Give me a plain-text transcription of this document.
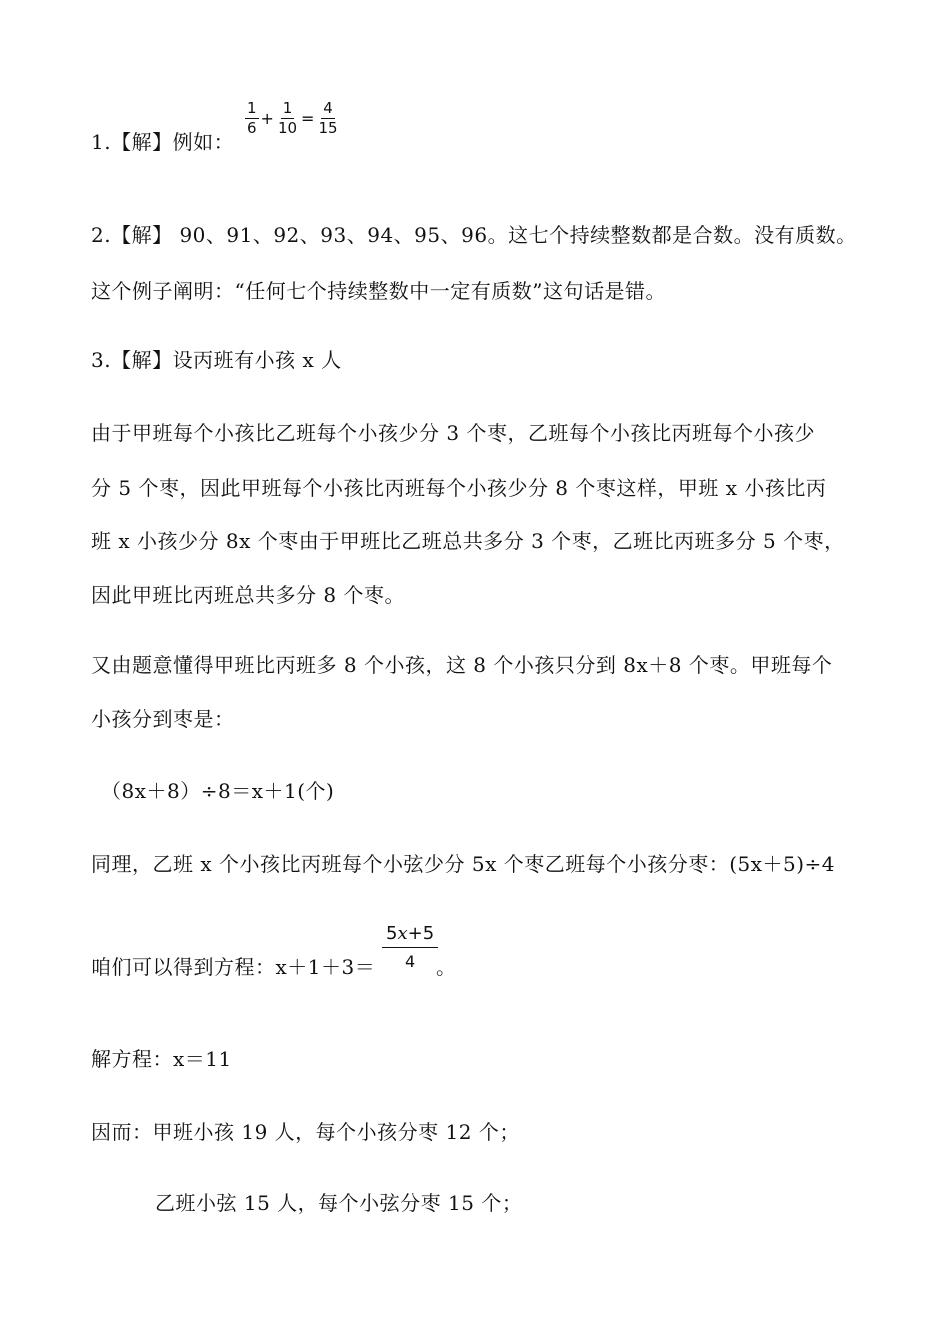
1.【解】例如：
$\frac{1}{6} + \frac{1}{10} = \frac{4}{15}$
2.【解】 90、91、92、93、94、95、96。这七个持续整数都是合数。没有质数。
这个例子阐明：“任何七个持续整数中一定有质数”这句话是错。
3.【解】设丙班有小孩 x 人
由于甲班每个小孩比乙班每个小孩少分 3 个枣，乙班每个小孩比丙班每个小孩少
分 5 个枣，因此甲班每个小孩比丙班每个小孩少分 8 个枣这样，甲班 x 小孩比丙
班 x 小孩少分 8x 个枣由于甲班比乙班总共多分 3 个枣，乙班比丙班多分 5 个枣，
因此甲班比丙班总共多分 8 个枣。
又由题意懂得甲班比丙班多 8 个小孩，这 8 个小孩只分到 8x＋8 个枣。甲班每个
小孩分到枣是：
（8x＋8）÷8＝x＋1(个)
同理，乙班 x 个小孩比丙班每个小弦少分 5x 个枣乙班每个小孩分枣：(5x＋5)÷4
咱们可以得到方程：$x+1+3= \frac{5x+5}{4}$
。
解方程：x＝11
因而：甲班小孩 19 人，每个小孩分枣 12 个；
乙班小弦 15 人，每个小弦分枣 15 个；
